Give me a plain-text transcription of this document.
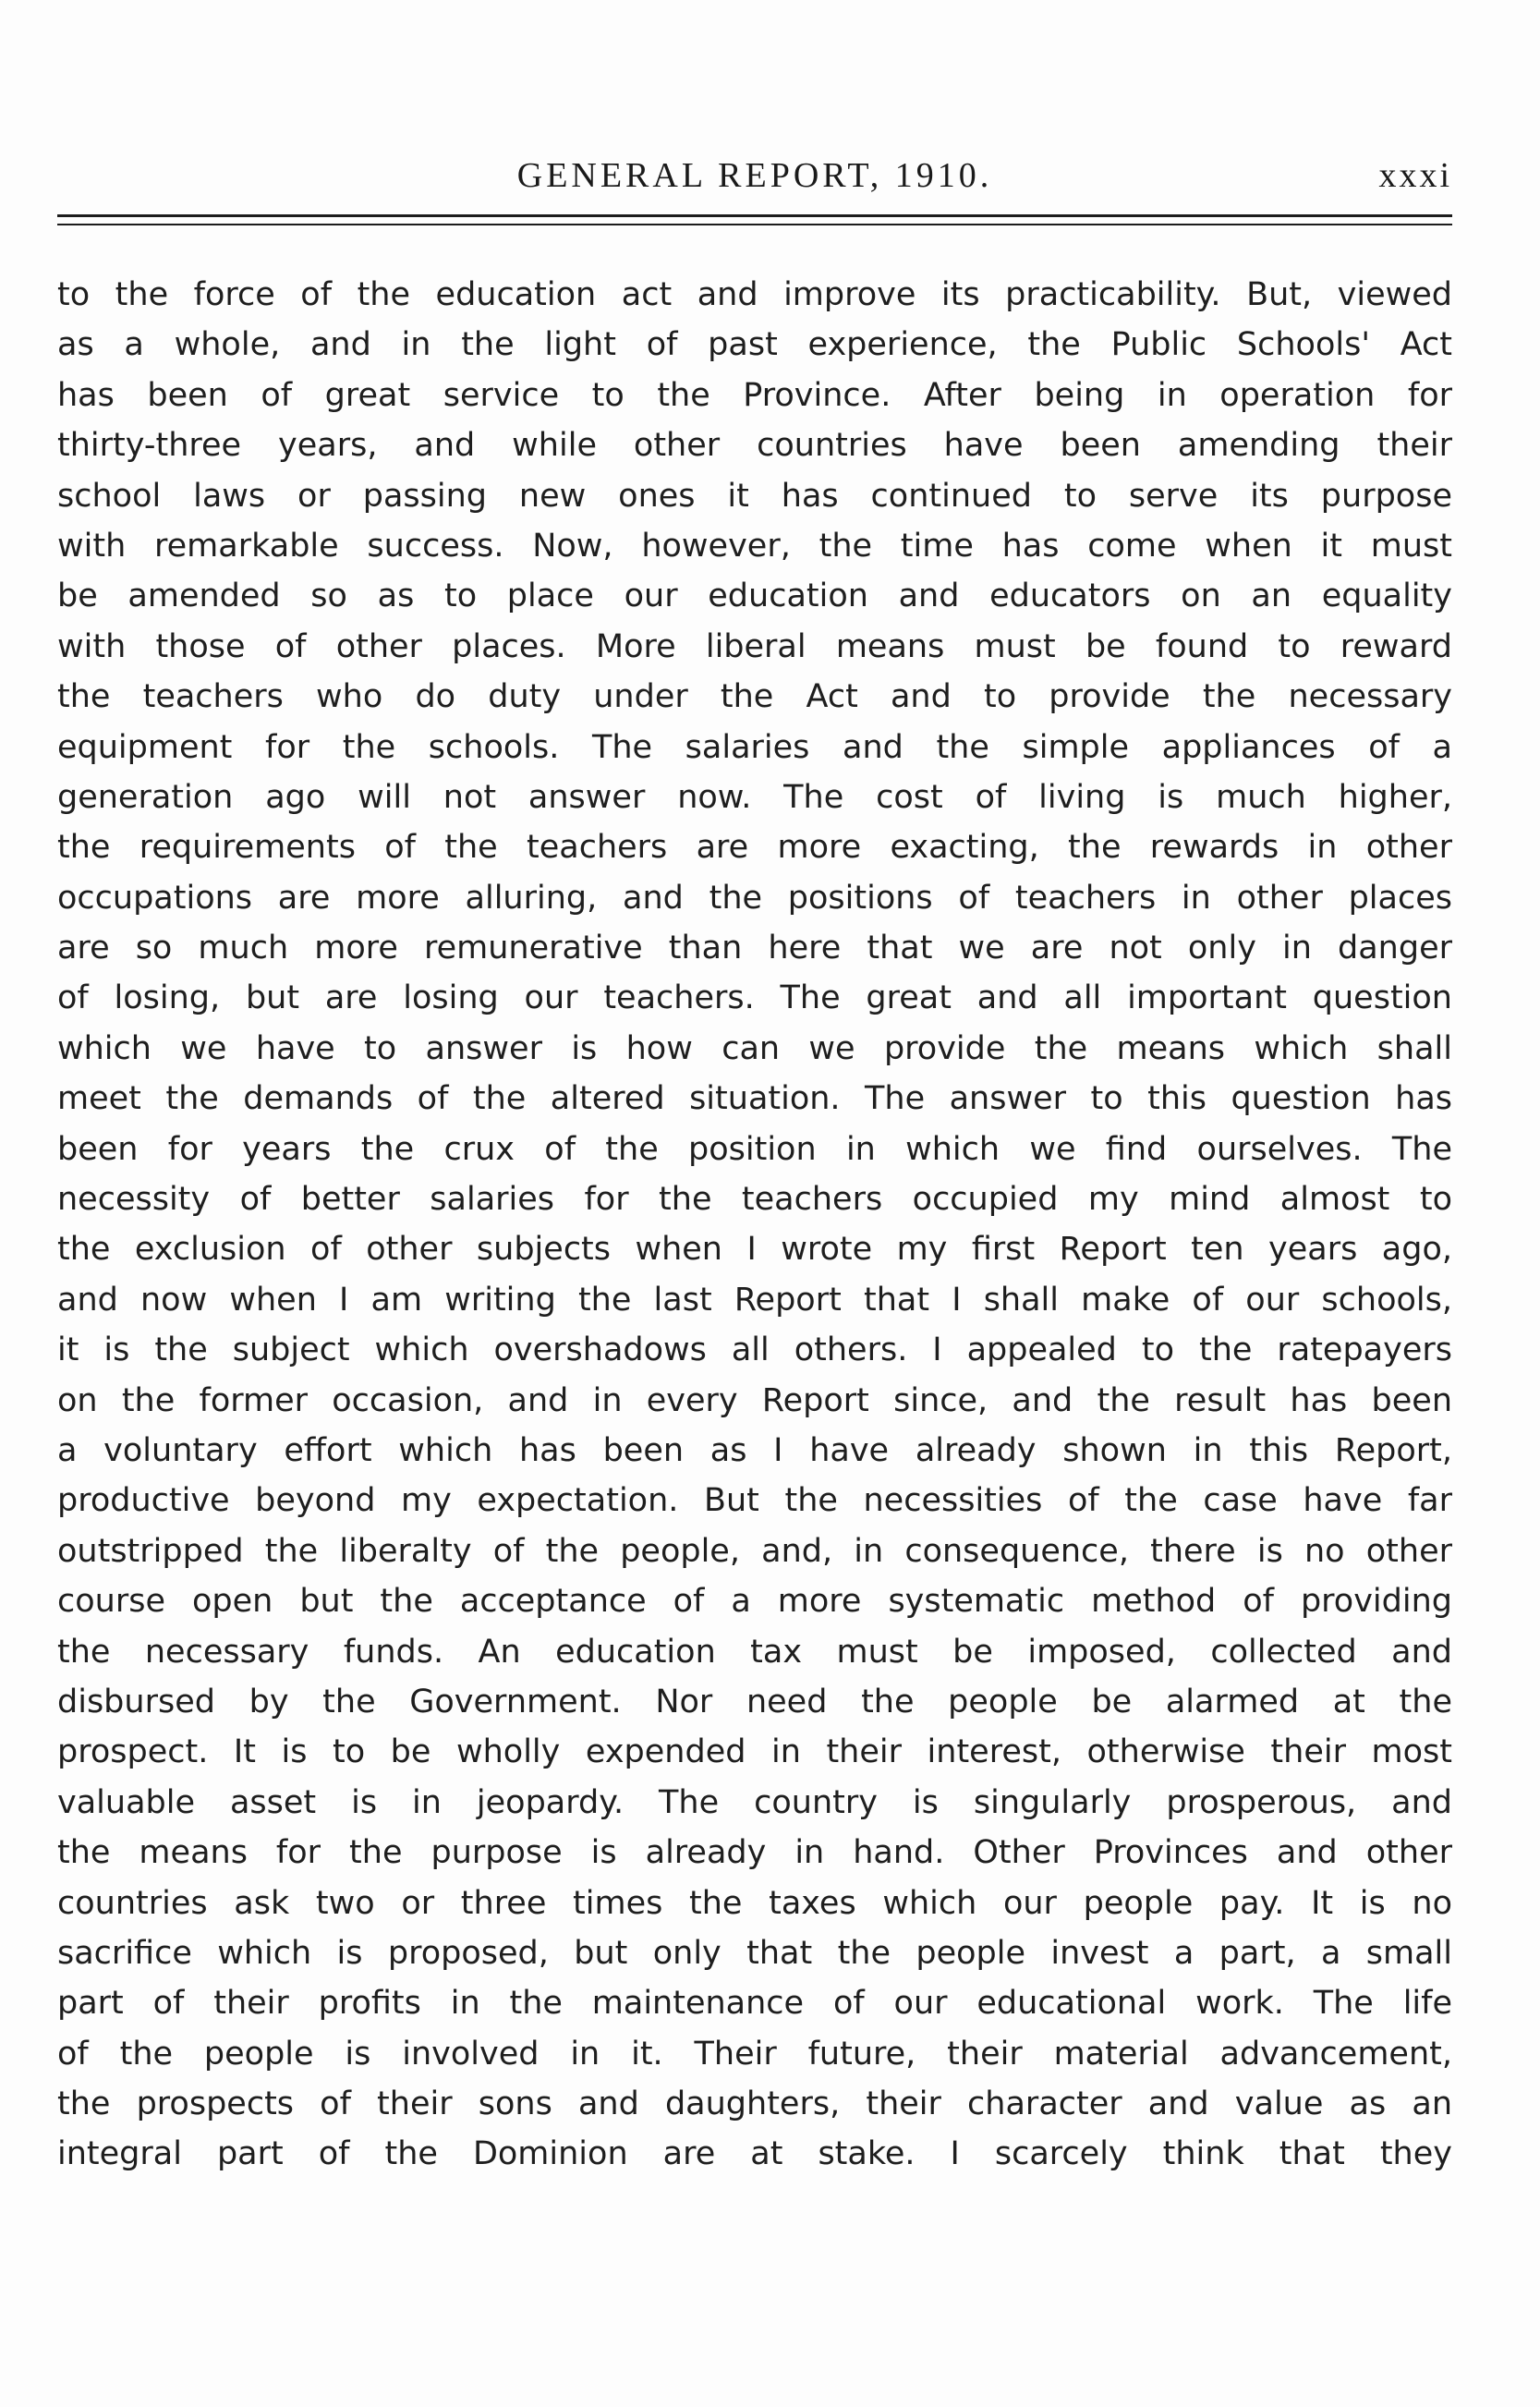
GENERAL REPORT, 1910.	xxxi
to the force of the education act and improve its practicability. But, viewed
as a whole, and in the light of past experience, the Public Schools' Act
has been of great service to the Province. After being in operation for
thirty-three years, and while other countries have been amending their
school laws or passing new ones it has continued to serve its purpose
with remarkable success. Now, however, the time has come when it must
be amended so as to place our education and educators on an equality
with those of other places. More liberal means must be found to reward
the teachers who do duty under the Act and to provide the necessary
equipment for the schools. The salaries and the simple appliances of a
generation ago will not answer now. The cost of living is much higher,
the requirements of the teachers are more exacting, the rewards in other
occupations are more alluring, and the positions of teachers in other places
are so much more remunerative than here that we are not only in danger
of losing, but are losing our teachers. The great and all important question
which we have to answer is how can we provide the means which shall
meet the demands of the altered situation. The answer to this question has
been for years the crux of the position in which we find ourselves. The
necessity of better salaries for the teachers occupied my mind almost to
the exclusion of other subjects when I wrote my first Report ten years ago,
and now when I am writing the last Report that I shall make of our schools,
it is the subject which overshadows all others. I appealed to the ratepayers
on the former occasion, and in every Report since, and the result has been
a voluntary effort which has been as I have already shown in this Report,
productive beyond my expectation. But the necessities of the case have far
outstripped the liberalty of the people, and, in consequence, there is no other
course open but the acceptance of a more systematic method of providing
the necessary funds. An education tax must be imposed, collected and
disbursed by the Government. Nor need the people be alarmed at the
prospect. It is to be wholly expended in their interest, otherwise their most
valuable asset is in jeopardy. The country is singularly prosperous, and
the means for the purpose is already in hand. Other Provinces and other
countries ask two or three times the taxes which our people pay. It is no
sacrifice which is proposed, but only that the people invest a part, a small
part of their profits in the maintenance of our educational work. The life
of the people is involved in it. Their future, their material advancement,
the prospects of their sons and daughters, their character and value as an
integral part of the Dominion are at stake. I scarcely think that they
